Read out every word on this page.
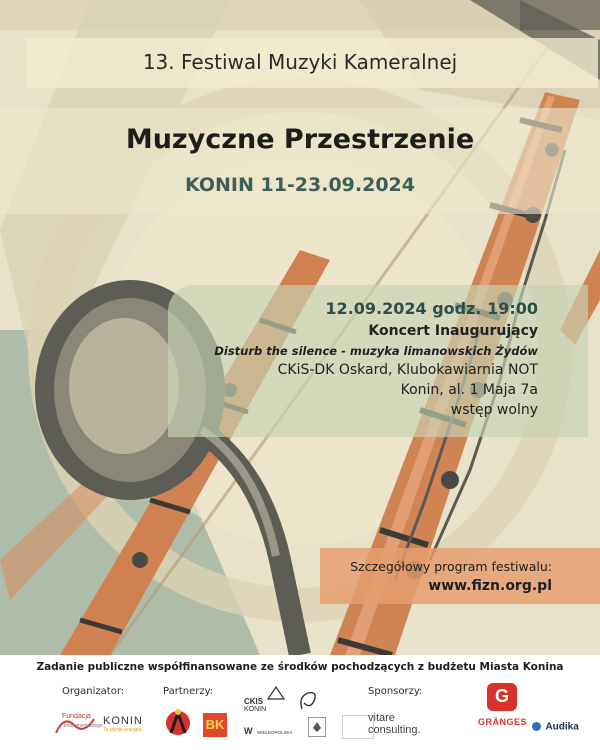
13. Festiwal Muzyki Kameralnej
Muzyczne Przestrzenie
KONIN 11-23.09.2024
12.09.2024 godz. 19:00
Koncert Inaugurujący
Disturb the silence - muzyka limanowskich Żydów
CKiS-DK Oskard, Klubokawiarnia NOT
Konin, al. 1 Maja 7a
wstęp wolny
Szczegółowy program festiwalu:
www.fizn.org.pl
Zadanie publiczne współfinansowane ze środków pochodzących z budżetu Miasta Konina
Organizator:	Partnerzy:	Sponsorzy:
Fundacja
Instrumentalnego KONIN
Tu płynie energia	BK
CKIS
KONIN
W WIELKOPOLSKA
vitare
consulting.
G
GRÄNGES	Audika
